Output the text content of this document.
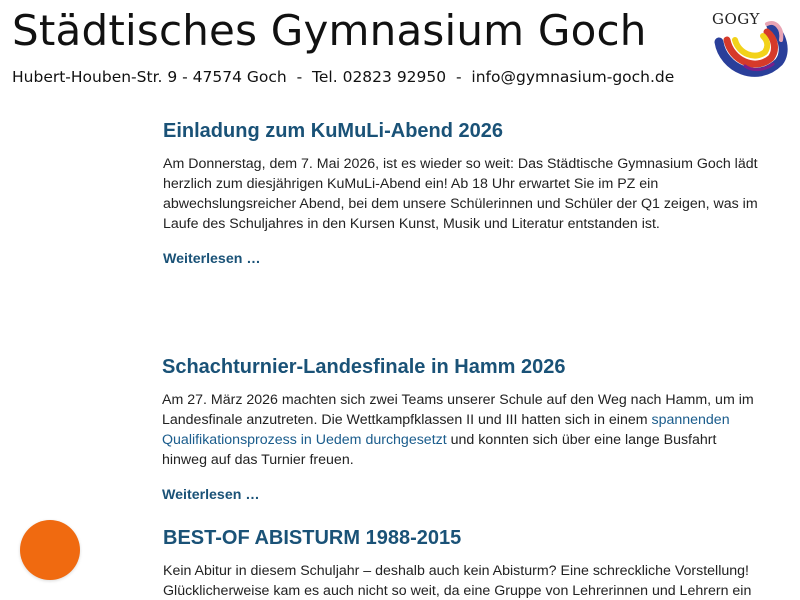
Städtisches Gymnasium Goch
Hubert-Houben-Str. 9 - 47574 Goch  -  Tel. 02823 92950  -  info@gymnasium-goch.de
GOGY
Einladung zum KuMuLi-Abend 2026

Am Donnerstag, dem 7. Mai 2026, ist es wieder so weit: Das Städtische Gymnasium Goch lädt herzlich zum diesjährigen KuMuLi-Abend ein! Ab 18 Uhr erwartet Sie im PZ ein abwechslungsreicher Abend, bei dem unsere Schülerinnen und Schüler der Q1 zeigen, was im Laufe des Schuljahres in den Kursen Kunst, Musik und Literatur entstanden ist.

Weiterlesen …
Schachturnier-Landesfinale in Hamm 2026

Am 27. März 2026 machten sich zwei Teams unserer Schule auf den Weg nach Hamm, um im Landesfinale anzutreten. Die Wettkampfklassen II und III hatten sich in einem spannenden Qualifikationsprozess in Uedem durchgesetzt und konnten sich über eine lange Busfahrt hinweg auf das Turnier freuen.

Weiterlesen …
BEST-OF ABISTURM 1988-2015

Kein Abitur in diesem Schuljahr – deshalb auch kein Abisturm? Eine schreckliche Vorstellung! Glücklicherweise kam es auch nicht so weit, da eine Gruppe von Lehrerinnen und Lehrern ein
